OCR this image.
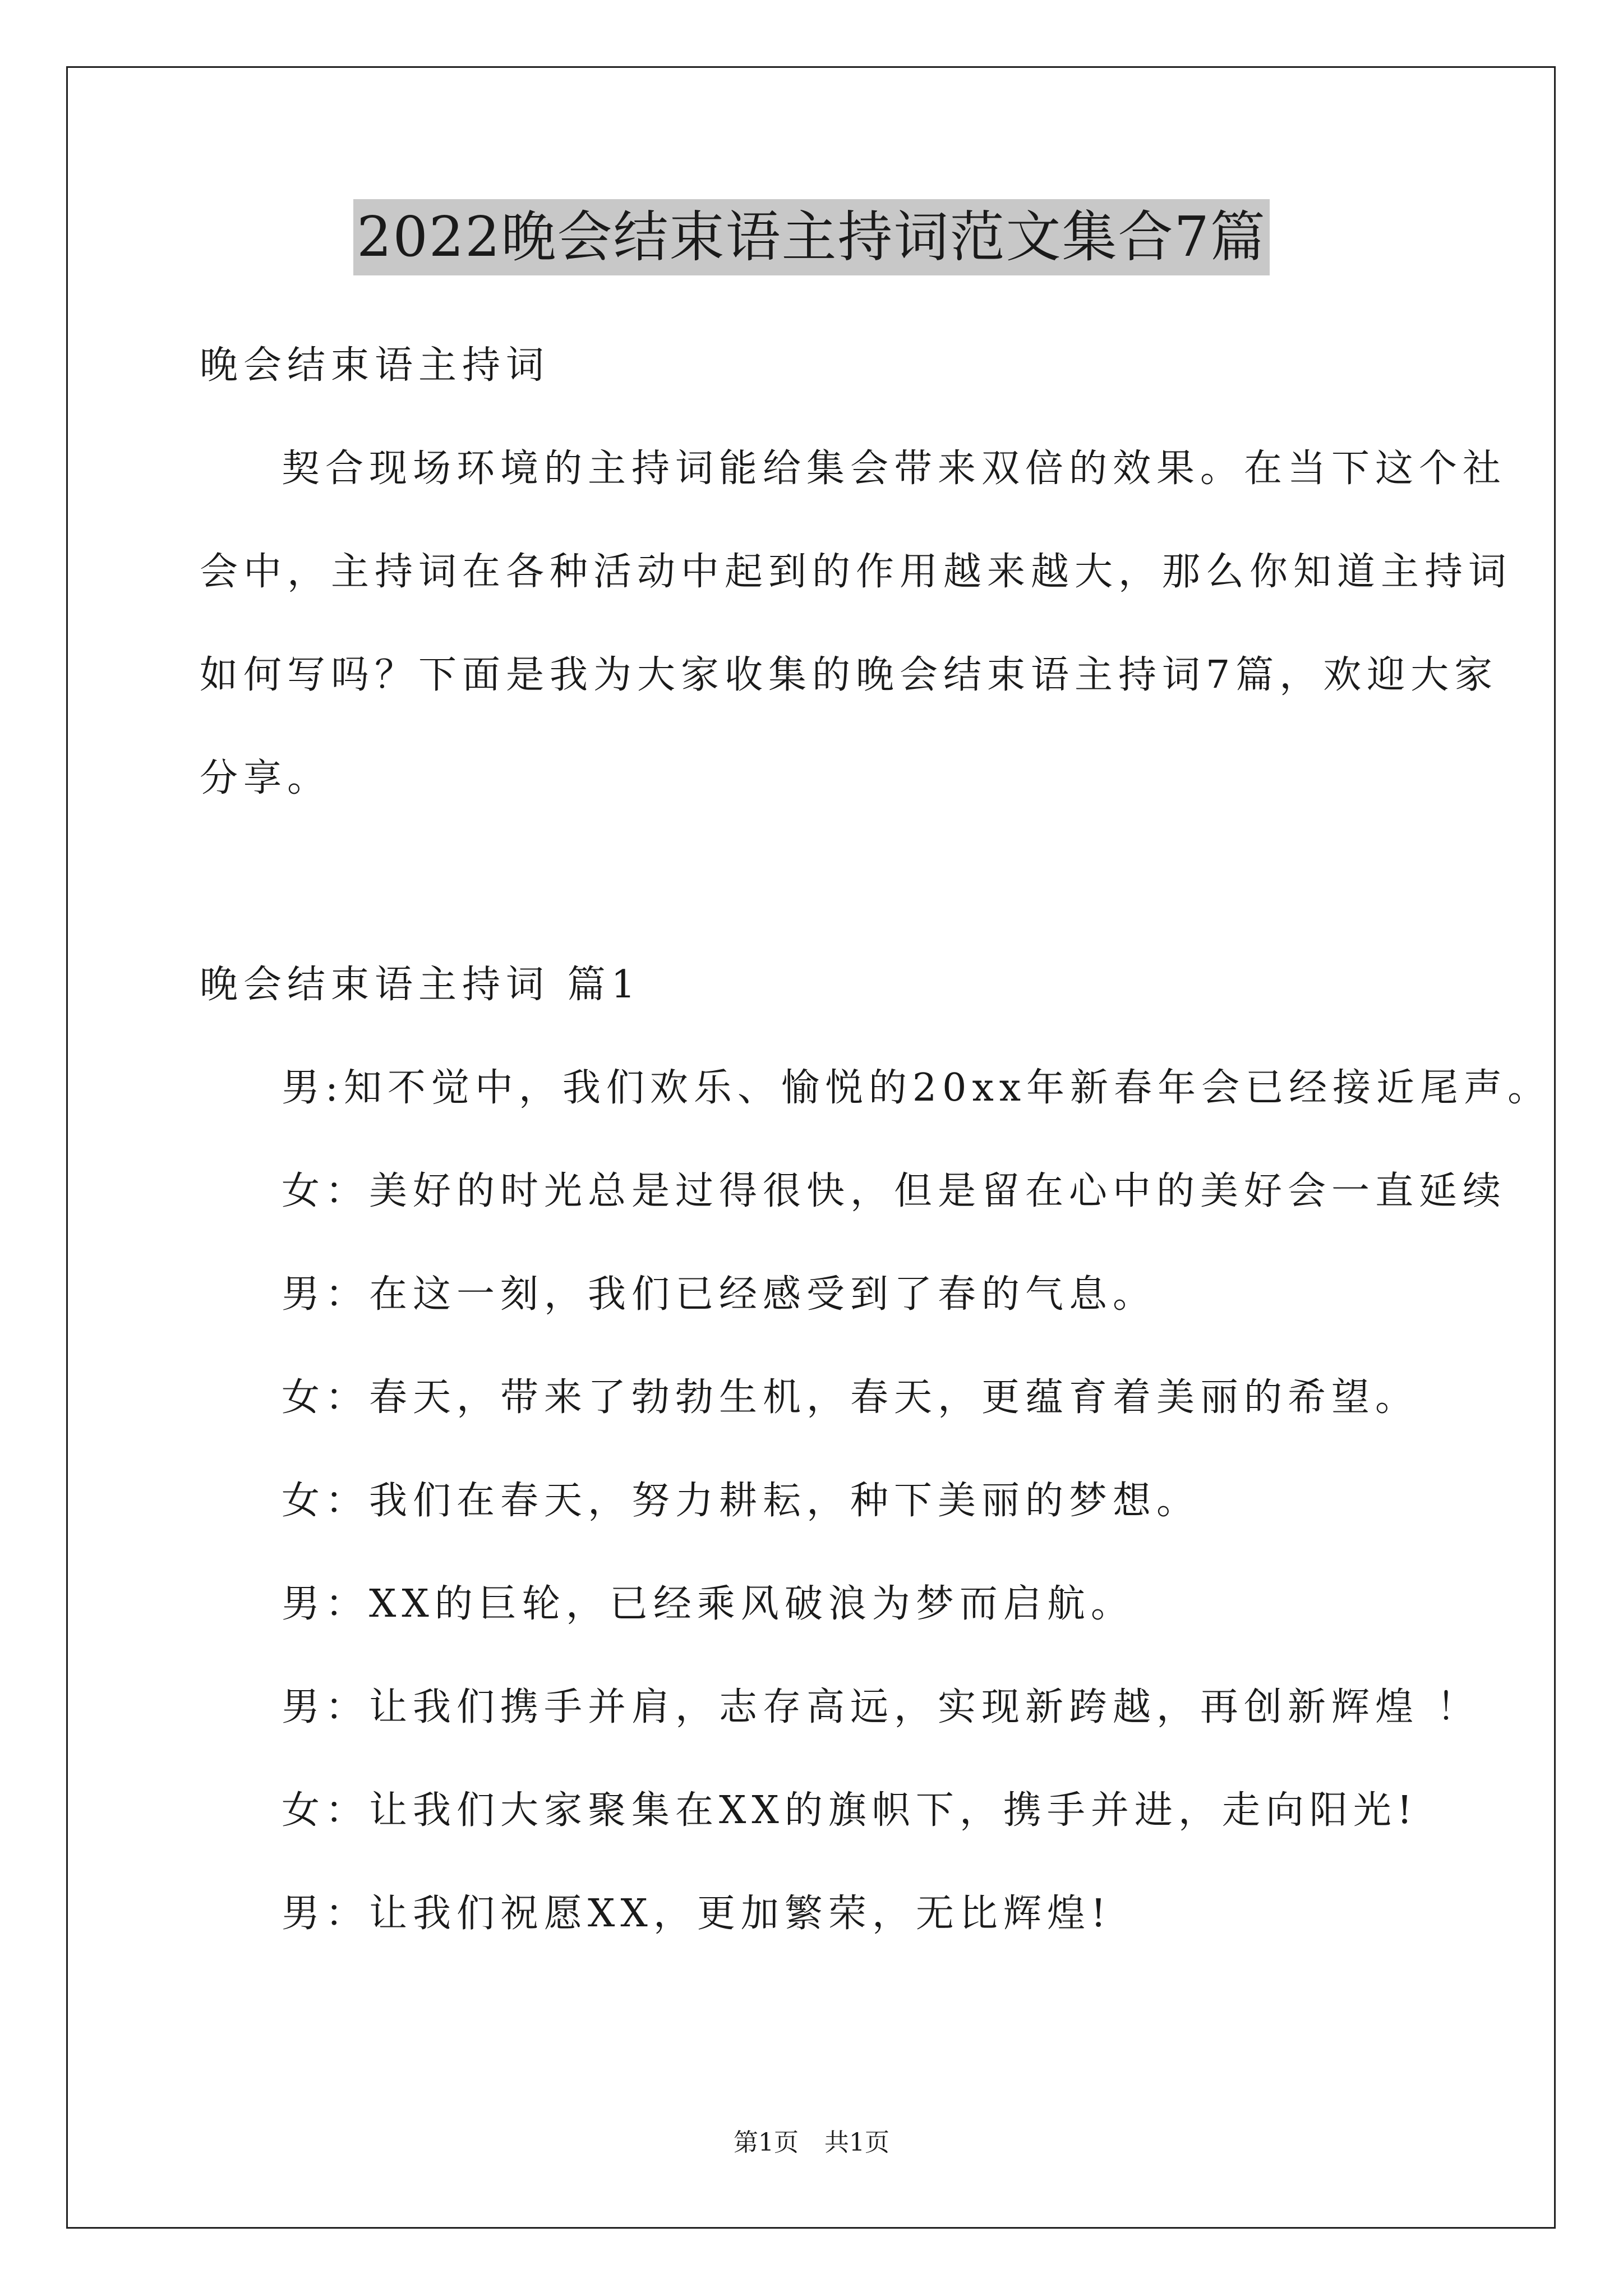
2022晚会结束语主持词范文集合7篇
晚会结束语主持词
契合现场环境的主持词能给集会带来双倍的效果。在当下这个社
会中，主持词在各种活动中起到的作用越来越大，那么你知道主持词
如何写吗？下面是我为大家收集的晚会结束语主持词7篇，欢迎大家
分享。
晚会结束语主持词 篇1
男:知不觉中，我们欢乐、愉悦的20xx年新春年会已经接近尾声。
女：美好的时光总是过得很快，但是留在心中的美好会一直延续
男：在这一刻，我们已经感受到了春的气息。
女：春天，带来了勃勃生机，春天，更蕴育着美丽的希望。
女：我们在春天，努力耕耘，种下美丽的梦想。
男：XX的巨轮，已经乘风破浪为梦而启航。
男：让我们携手并肩，志存高远，实现新跨越，再创新辉煌 ！
女：让我们大家聚集在XX的旗帜下，携手并进，走向阳光!
男：让我们祝愿XX，更加繁荣，无比辉煌!
第1页 共1页
